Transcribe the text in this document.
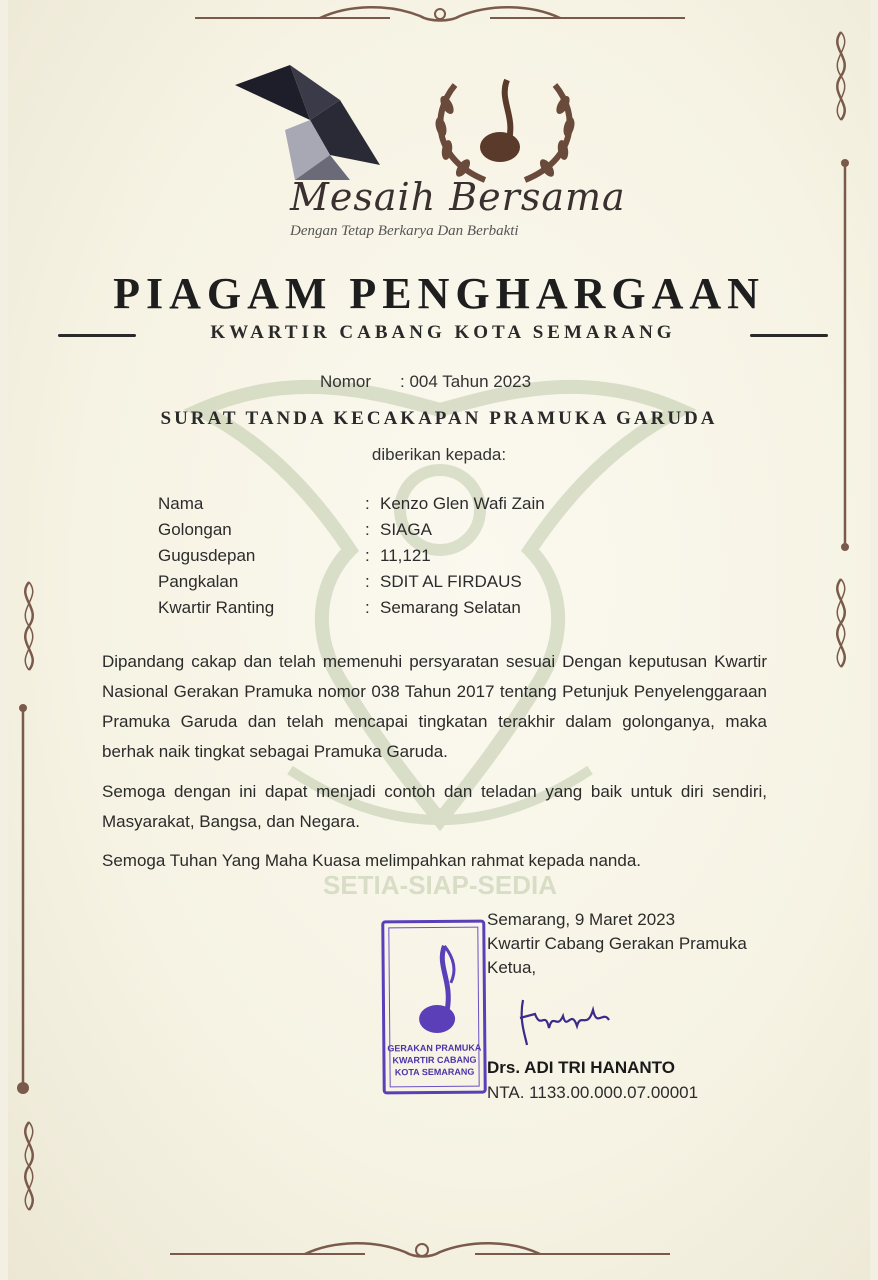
SETIA-SIAP-SEDIA
Mesaih Bersama
Dengan Tetap Berkarya Dan Berbakti
PIAGAM PENGHARGAAN
KWARTIR CABANG KOTA SEMARANG
Nomor : 004 Tahun 2023
SURAT TANDA KECAKAPAN PRAMUKA GARUDA
diberikan kepada:
Nama	: Kenzo Glen Wafi Zain
Golongan	: SIAGA
Gugusdepan	: 11,121
Pangkalan	: SDIT AL FIRDAUS
Kwartir Ranting	: Semarang Selatan
Dipandang cakap dan telah memenuhi persyaratan sesuai Dengan keputusan Kwartir Nasional Gerakan Pramuka nomor 038 Tahun 2017 tentang Petunjuk Penyelenggaraan Pramuka Garuda dan telah mencapai tingkatan terakhir dalam golonganya, maka berhak naik tingkat sebagai Pramuka Garuda.
Semoga dengan ini dapat menjadi contoh dan teladan yang baik untuk diri sendiri, Masyarakat, Bangsa, dan Negara.
Semoga Tuhan Yang Maha Kuasa melimpahkan rahmat kepada nanda.
GERAKAN PRAMUKA
KWARTIR CABANG
KOTA SEMARANG
Semarang, 9 Maret 2023
Kwartir Cabang Gerakan Pramuka
Ketua,
Drs. ADI TRI HANANTO
NTA. 1133.00.000.07.00001
